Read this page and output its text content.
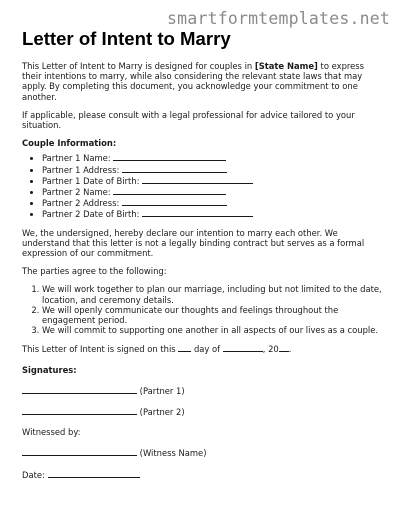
smartformtemplates.net
Letter of Intent to Marry

This Letter of Intent to Marry is designed for couples in [State Name] to express their intentions to marry, while also considering the relevant state laws that may apply. By completing this document, you acknowledge your commitment to one another.

If applicable, please consult with a legal professional for advice tailored to your situation.

Couple Information:
• Partner 1 Name:
• Partner 1 Address:
• Partner 1 Date of Birth:
• Partner 2 Name:
• Partner 2 Address:
• Partner 2 Date of Birth:

We, the undersigned, hereby declare our intention to marry each other. We understand that this letter is not a legally binding contract but serves as a formal expression of our commitment.

The parties agree to the following:

1. We will work together to plan our marriage, including but not limited to the date, location, and ceremony details.
2. We will openly communicate our thoughts and feelings throughout the engagement period.
3. We will commit to supporting one another in all aspects of our lives as a couple.

This Letter of Intent is signed on this  day of	, 20 .

Signatures:
(Partner 1)
(Partner 2)
Witnessed by:
(Witness Name)
Date:
